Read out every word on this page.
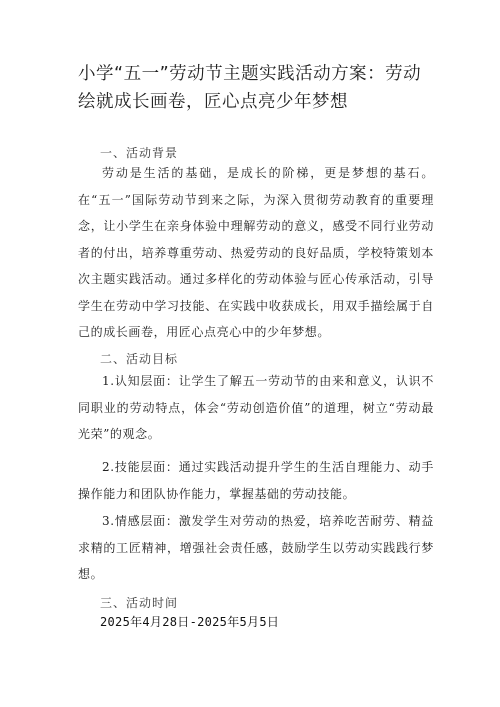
小学“五一”劳动节主题实践活动方案：劳动绘就成长画卷，匠心点亮少年梦想
一、活动背景
劳动是生活的基础，是成长的阶梯，更是梦想的基石。在“五一”国际劳动节到来之际，为深入贯彻劳动教育的重要理念，让小学生在亲身体验中理解劳动的意义，感受不同行业劳动者的付出，培养尊重劳动、热爱劳动的良好品质，学校特策划本次主题实践活动。通过多样化的劳动体验与匠心传承活动，引导学生在劳动中学习技能、在实践中收获成长，用双手描绘属于自己的成长画卷，用匠心点亮心中的少年梦想。
二、活动目标
1.认知层面：让学生了解五一劳动节的由来和意义，认识不同职业的劳动特点，体会“劳动创造价值”的道理，树立“劳动最光荣”的观念。
2.技能层面：通过实践活动提升学生的生活自理能力、动手操作能力和团队协作能力，掌握基础的劳动技能。
3.情感层面：激发学生对劳动的热爱，培养吃苦耐劳、精益求精的工匠精神，增强社会责任感，鼓励学生以劳动实践践行梦想。
三、活动时间
2025年4月28日-2025年5月5日
